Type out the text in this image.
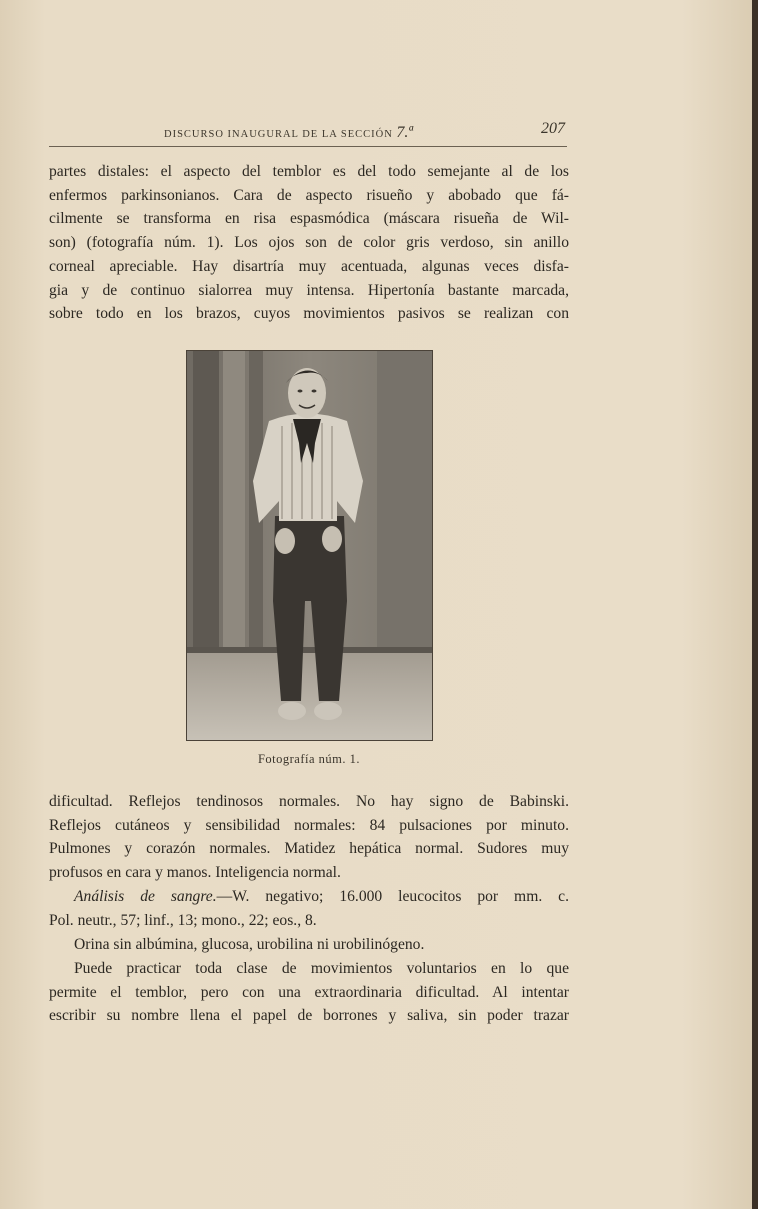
DISCURSO INAUGURAL DE LA SECCIÓN 7.ª	207
partes distales: el aspecto del temblor es del todo semejante al de los
enfermos parkinsonianos. Cara de aspecto risueño y abobado que fá-
cilmente se transforma en risa espasmódica (máscara risueña de Wil-
son) (fotografía núm. 1). Los ojos son de color gris verdoso, sin anillo
corneal apreciable. Hay disartría muy acentuada, algunas veces disfa-
gia y de continuo sialorrea muy intensa. Hipertonía bastante marcada,
sobre todo en los brazos, cuyos movimientos pasivos se realizan con
Fotografía núm. 1.
dificultad. Reflejos tendinosos normales. No hay signo de Babinski.
Reflejos cutáneos y sensibilidad normales: 84 pulsaciones por minuto.
Pulmones y corazón normales. Matidez hepática normal. Sudores muy
profusos en cara y manos. Inteligencia normal.
Análisis de sangre.—W. negativo; 16.000 leucocitos por mm. c.
Pol. neutr., 57; linf., 13; mono., 22; eos., 8.
Orina sin albúmina, glucosa, urobilina ni urobilinógeno.
Puede practicar toda clase de movimientos voluntarios en lo que
permite el temblor, pero con una extraordinaria dificultad. Al intentar
escribir su nombre llena el papel de borrones y saliva, sin poder trazar
